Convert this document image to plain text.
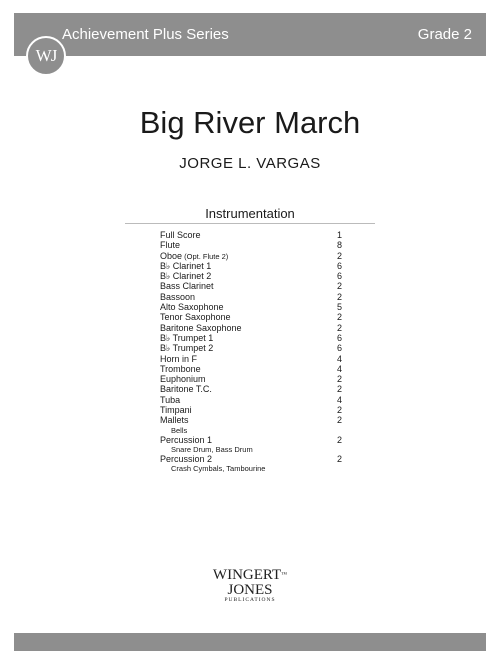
WJ
Achievement Plus Series	Grade 2
Big River March
JORGE L. VARGAS
Instrumentation
Full Score	1
Flute	8
Oboe (Opt. Flute 2)	2
B♭ Clarinet 1	6
B♭ Clarinet 2	6
Bass Clarinet	2
Bassoon	2
Alto Saxophone	5
Tenor Saxophone	2
Baritone Saxophone	2
B♭ Trumpet 1	6
B♭ Trumpet 2	6
Horn in F	4
Trombone	4
Euphonium	2
Baritone T.C.	2
Tuba	4
Timpani	2
Mallets	2
Bells
Percussion 1	2
Snare Drum, Bass Drum
Percussion 2	2
Crash Cymbals, Tambourine
WINGERT™
JONES
PUBLICATIONS
